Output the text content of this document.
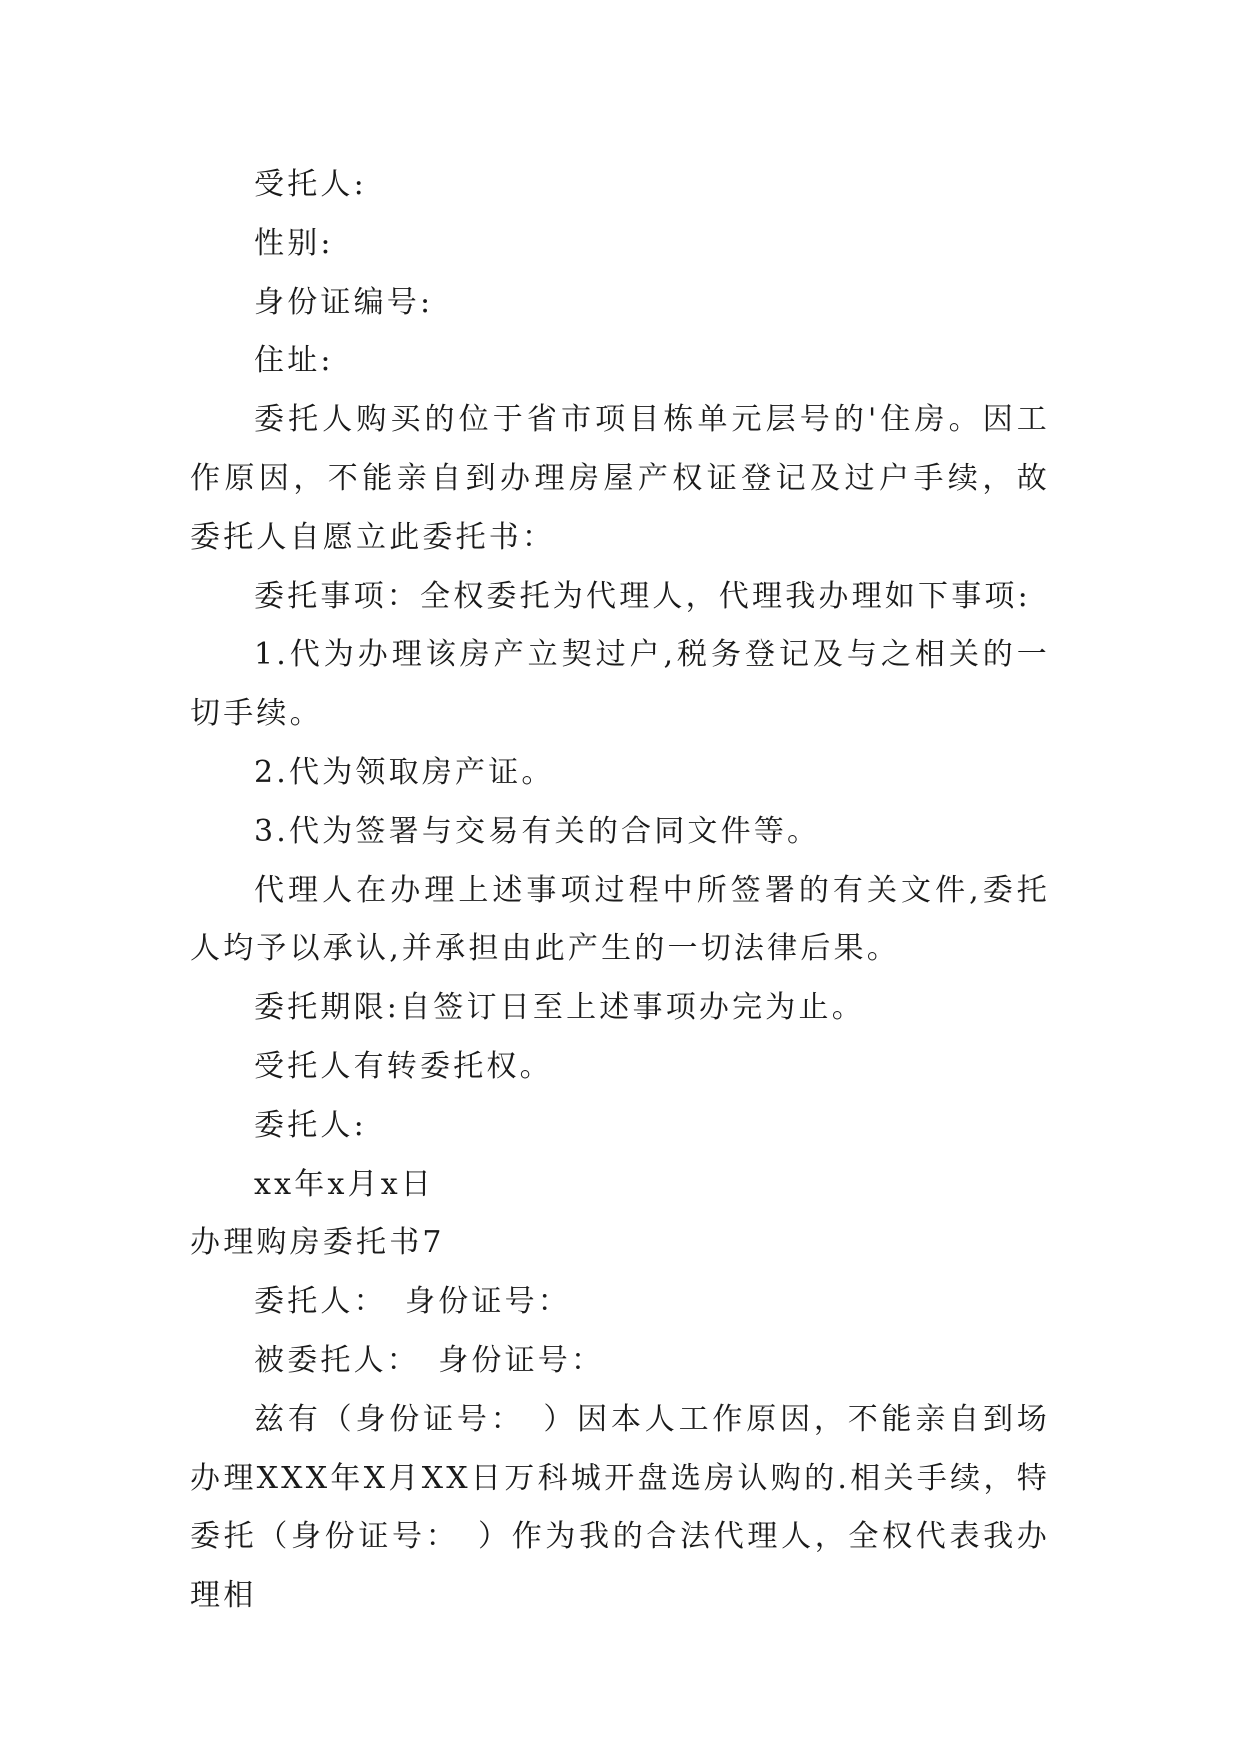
受托人:

性别:

身份证编号:

住址:

委托人购买的位于省市项目栋单元层号的'住房。因工作原因，不能亲自到办理房屋产权证登记及过户手续，故委托人自愿立此委托书：

委托事项：全权委托为代理人，代理我办理如下事项:

1.代为办理该房产立契过户,税务登记及与之相关的一切手续。

2.代为领取房产证。

3.代为签署与交易有关的合同文件等。

代理人在办理上述事项过程中所签署的有关文件,委托人均予以承认,并承担由此产生的一切法律后果。

委托期限:自签订日至上述事项办完为止。

受托人有转委托权。

委托人:

xx年x月x日

办理购房委托书7

委托人：　身份证号：

被委托人：　身份证号：

兹有（身份证号：　）因本人工作原因，不能亲自到场办理XXX年X月XX日万科城开盘选房认购的.相关手续，特委托（身份证号：　）作为我的合法代理人，全权代表我办理相
